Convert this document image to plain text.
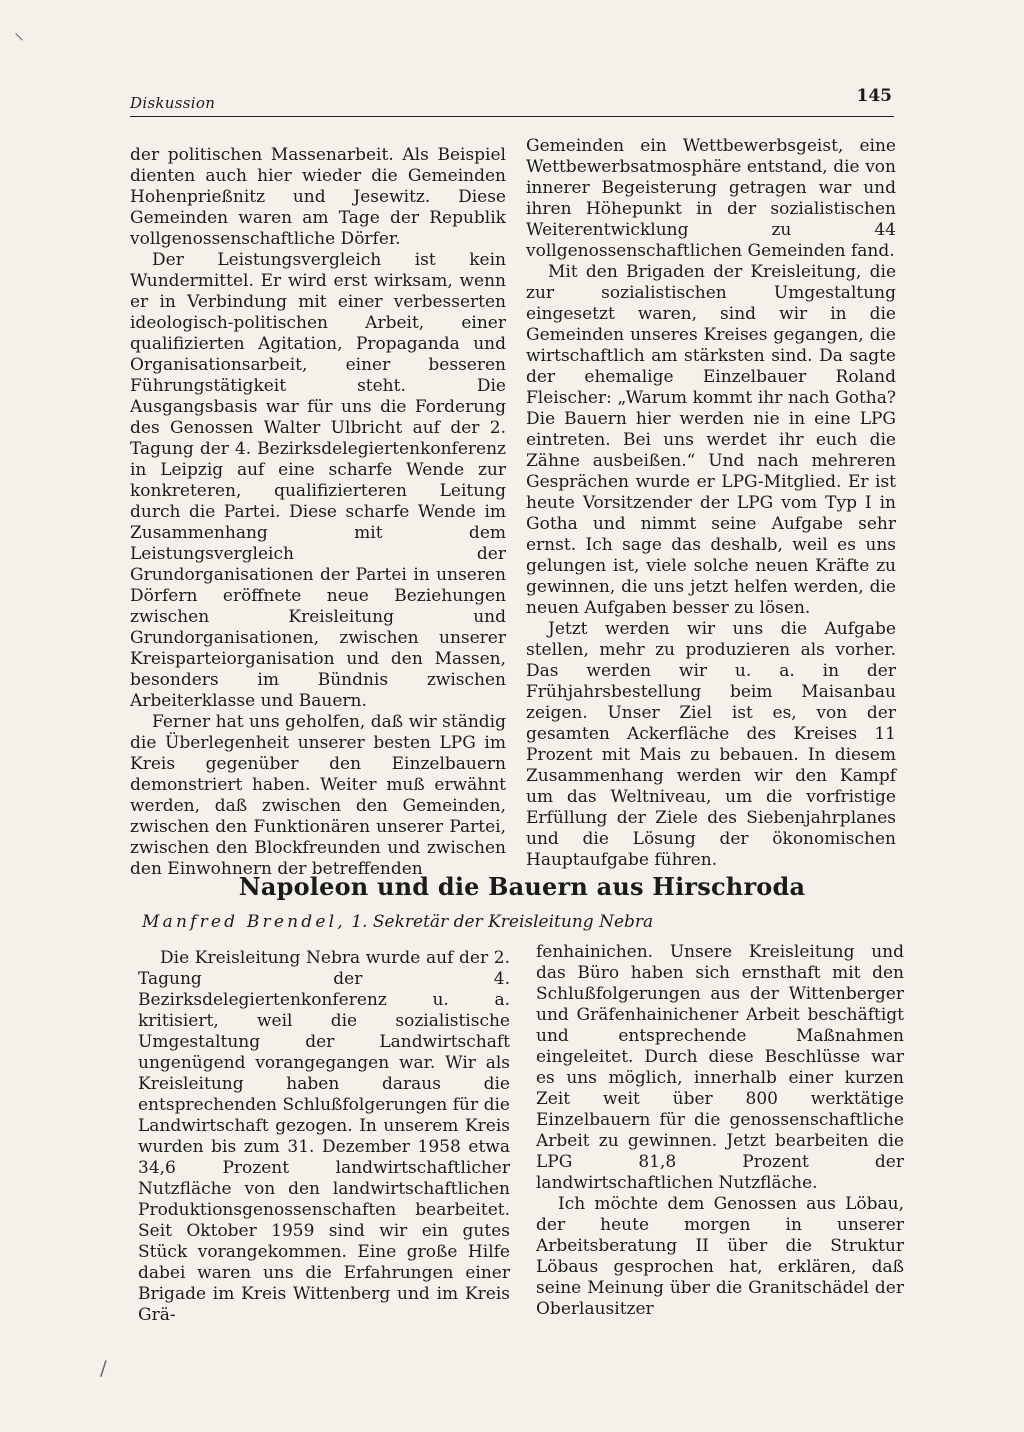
⸜
/
Diskussion	145

der politischen Massenarbeit. Als Beispiel dienten auch hier wieder die Gemeinden Hohenprießnitz und Jesewitz. Diese Gemeinden waren am Tage der Republik vollgenossenschaftliche Dörfer.

Der Leistungsvergleich ist kein Wundermittel. Er wird erst wirksam, wenn er in Verbindung mit einer verbesserten ideologisch-politischen Arbeit, einer qualifizierten Agitation, Propaganda und Organisationsarbeit, einer besseren Führungstätigkeit steht. Die Ausgangsbasis war für uns die Forderung des Genossen Walter Ulbricht auf der 2. Tagung der 4. Bezirksdelegiertenkonferenz in Leipzig auf eine scharfe Wende zur konkreteren, qualifizierteren Leitung durch die Partei. Diese scharfe Wende im Zusammenhang mit dem Leistungsvergleich der Grundorganisationen der Partei in unseren Dörfern eröffnete neue Beziehungen zwischen Kreisleitung und Grundorganisationen, zwischen unserer Kreisparteiorganisation und den Massen, besonders im Bündnis zwischen Arbeiterklasse und Bauern.

Ferner hat uns geholfen, daß wir ständig die Überlegenheit unserer besten LPG im Kreis gegenüber den Einzelbauern demonstriert haben. Weiter muß erwähnt werden, daß zwischen den Gemeinden, zwischen den Funktionären unserer Partei, zwischen den Blockfreunden und zwischen den Einwohnern der betreffenden

Gemeinden ein Wettbewerbsgeist, eine Wettbewerbsatmosphäre entstand, die von innerer Begeisterung getragen war und ihren Höhepunkt in der sozialistischen Weiterentwicklung zu 44 vollgenossenschaftlichen Gemeinden fand.

Mit den Brigaden der Kreisleitung, die zur sozialistischen Umgestaltung eingesetzt waren, sind wir in die Gemeinden unseres Kreises gegangen, die wirtschaftlich am stärksten sind. Da sagte der ehemalige Einzelbauer Roland Fleischer: „Warum kommt ihr nach Gotha? Die Bauern hier werden nie in eine LPG eintreten. Bei uns werdet ihr euch die Zähne ausbeißen.“ Und nach mehreren Gesprächen wurde er LPG-Mitglied. Er ist heute Vorsitzender der LPG vom Typ I in Gotha und nimmt seine Aufgabe sehr ernst. Ich sage das deshalb, weil es uns gelungen ist, viele solche neuen Kräfte zu gewinnen, die uns jetzt helfen werden, die neuen Aufgaben besser zu lösen.

Jetzt werden wir uns die Aufgabe stellen, mehr zu produzieren als vorher. Das werden wir u. a. in der Frühjahrsbestellung beim Maisanbau zeigen. Unser Ziel ist es, von der gesamten Ackerfläche des Kreises 11 Prozent mit Mais zu bebauen. In diesem Zusammenhang werden wir den Kampf um das Weltniveau, um die vorfristige Erfüllung der Ziele des Siebenjahrplanes und die Lösung der ökonomischen Hauptaufgabe führen.

Napoleon und die Bauern aus Hirschroda
Manfred Brendel, 1. Sekretär der Kreisleitung Nebra

Die Kreisleitung Nebra wurde auf der 2. Tagung der 4. Bezirksdelegiertenkonferenz u. a. kritisiert, weil die sozialistische Umgestaltung der Landwirtschaft ungenügend vorangegangen war. Wir als Kreisleitung haben daraus die entsprechenden Schlußfolgerungen für die Landwirtschaft gezogen. In unserem Kreis wurden bis zum 31. Dezember 1958 etwa 34,6 Prozent landwirtschaftlicher Nutzfläche von den landwirtschaftlichen Produktionsgenossenschaften bearbeitet. Seit Oktober 1959 sind wir ein gutes Stück vorangekommen. Eine große Hilfe dabei waren uns die Erfahrungen einer Brigade im Kreis Wittenberg und im Kreis Grä-

fenhainichen. Unsere Kreisleitung und das Büro haben sich ernsthaft mit den Schlußfolgerungen aus der Wittenberger und Gräfenhainichener Arbeit beschäftigt und entsprechende Maßnahmen eingeleitet. Durch diese Beschlüsse war es uns möglich, innerhalb einer kurzen Zeit weit über 800 werktätige Einzelbauern für die genossenschaftliche Arbeit zu gewinnen. Jetzt bearbeiten die LPG 81,8 Prozent der landwirtschaftlichen Nutzfläche.

Ich möchte dem Genossen aus Löbau, der heute morgen in unserer Arbeitsberatung II über die Struktur Löbaus gesprochen hat, erklären, daß seine Meinung über die Granitschädel der Oberlausitzer
